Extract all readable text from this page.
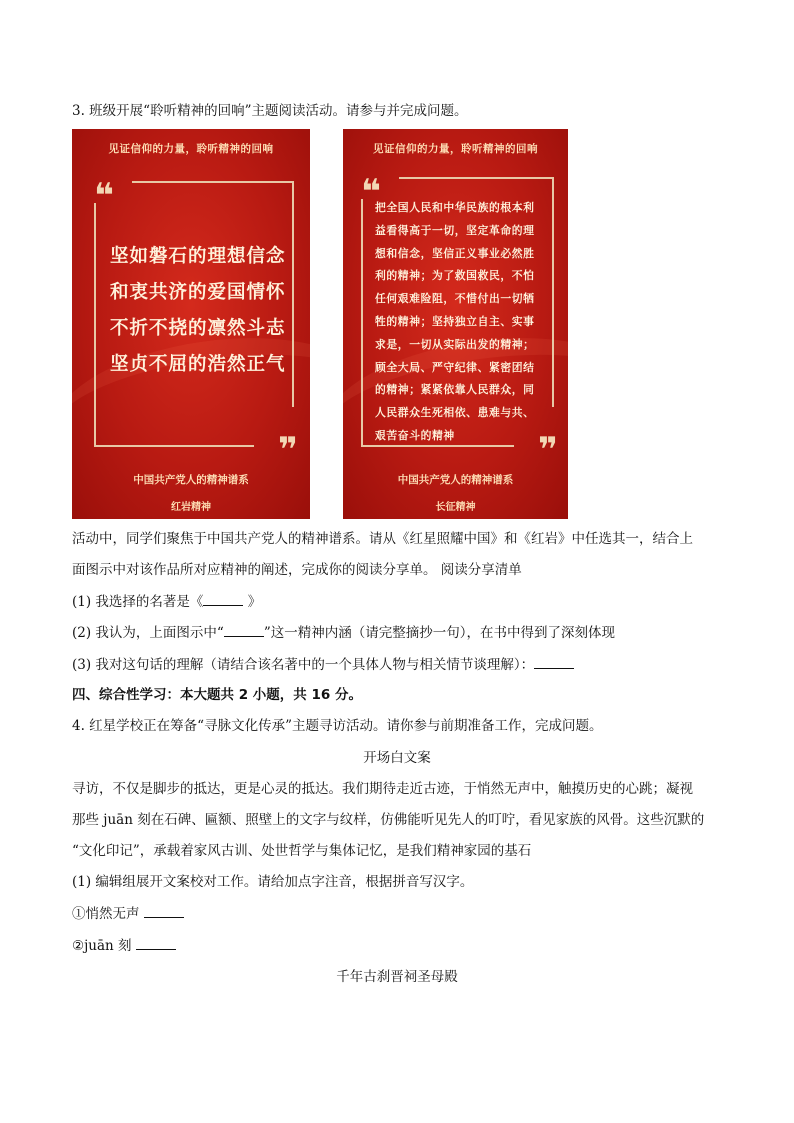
3. 班级开展“聆听精神的回响”主题阅读活动。请参与并完成问题。
见证信仰的力量，聆听精神的回响
❝
坚如磐石的理想信念
和衷共济的爱国情怀
不折不挠的凛然斗志
坚贞不屈的浩然正气
❞
中国共产党人的精神谱系
红岩精神
见证信仰的力量，聆听精神的回响
❝
把全国人民和中华民族的根本利益看得高于一切，坚定革命的理想和信念，坚信正义事业必然胜利的精神；为了救国救民，不怕任何艰难险阻，不惜付出一切牺牲的精神；坚持独立自主、实事求是，一切从实际出发的精神；顾全大局、严守纪律、紧密团结的精神；紧紧依靠人民群众，同人民群众生死相依、患难与共、艰苦奋斗的精神	❞
中国共产党人的精神谱系
长征精神
活动中，同学们聚焦于中国共产党人的精神谱系。请从《红星照耀中国》和《红岩》中任选其一，结合上
面图示中对该作品所对应精神的阐述，完成你的阅读分享单。 阅读分享清单
(1) 我选择的名著是《	》
(2) 我认为，上面图示中“	”这一精神内涵（请完整摘抄一句），在书中得到了深刻体现
(3) 我对这句话的理解（请结合该名著中的一个具体人物与相关情节谈理解）：
四、综合性学习：本大题共 2 小题，共 16 分。
4. 红星学校正在筹备“寻脉文化传承”主题寻访活动。请你参与前期准备工作，完成问题。
开场白文案
寻访，不仅是脚步的抵达，更是心灵的抵达。我们期待走近古迹，于悄然无声中，触摸历史的心跳；凝视
那些 juān 刻在石碑、匾额、照壁上的文字与纹样，仿佛能听见先人的叮咛，看见家族的风骨。这些沉默的
“文化印记”，承载着家风古训、处世哲学与集体记忆，是我们精神家园的基石
(1) 编辑组展开文案校对工作。请给加点字注音，根据拼音写汉字。
①悄然无声
②juān 刻
千年古刹晋祠圣母殿
